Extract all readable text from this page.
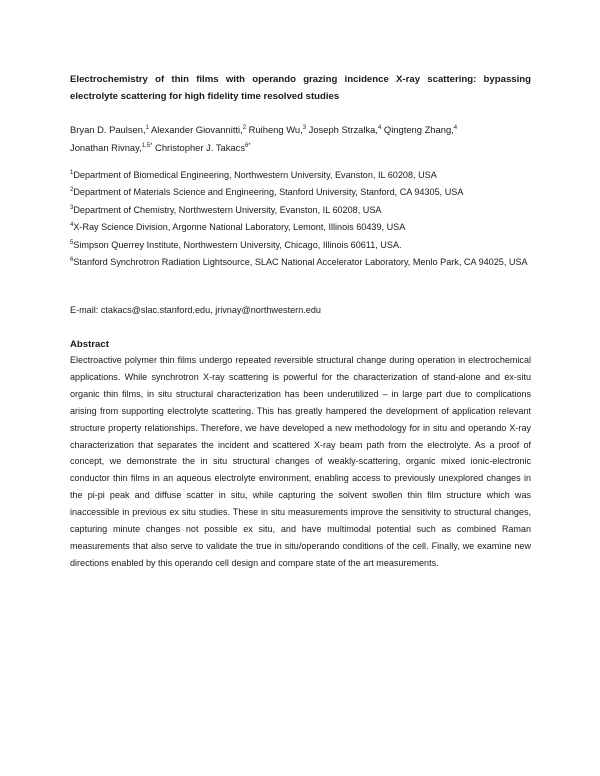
Electrochemistry of thin films with operando grazing incidence X-ray scattering: bypassing electrolyte scattering for high fidelity time resolved studies
Bryan D. Paulsen,$^1$ Alexander Giovannitti,$^2$ Ruiheng Wu,$^3$ Joseph Strzalka,$^4$ Qingteng Zhang,$^4$
Jonathan Rivnay,$^{1,5*}$ Christopher J. Takacs$^{6*}$
$^1$Department of Biomedical Engineering, Northwestern University, Evanston, IL 60208, USA
$^2$Department of Materials Science and Engineering, Stanford University, Stanford, CA 94305, USA
$^3$Department of Chemistry, Northwestern University, Evanston, IL 60208, USA
$^4$X-Ray Science Division, Argonne National Laboratory, Lemont, Illinois 60439, USA
$^5$Simpson Querrey Institute, Northwestern University, Chicago, Illinois 60611, USA.
$^6$Stanford Synchrotron Radiation Lightsource, SLAC National Accelerator Laboratory, Menlo Park, CA 94025, USA
E-mail: ctakacs@slac.stanford.edu, jrivnay@northwestern.edu
Abstract
Electroactive polymer thin films undergo repeated reversible structural change during operation in electrochemical applications. While synchrotron X-ray scattering is powerful for the characterization of stand-alone and ex-situ organic thin films, in situ structural characterization has been underutilized – in large part due to complications arising from supporting electrolyte scattering. This has greatly hampered the development of application relevant structure property relationships. Therefore, we have developed a new methodology for in situ and operando X-ray characterization that separates the incident and scattered X-ray beam path from the electrolyte. As a proof of concept, we demonstrate the in situ structural changes of weakly-scattering, organic mixed ionic-electronic conductor thin films in an aqueous electrolyte environment, enabling access to previously unexplored changes in the pi-pi peak and diffuse scatter in situ, while capturing the solvent swollen thin film structure which was inaccessible in previous ex situ studies. These in situ measurements improve the sensitivity to structural changes, capturing minute changes not possible ex situ, and have multimodal potential such as combined Raman measurements that also serve to validate the true in situ/operando conditions of the cell. Finally, we examine new directions enabled by this operando cell design and compare state of the art measurements.
